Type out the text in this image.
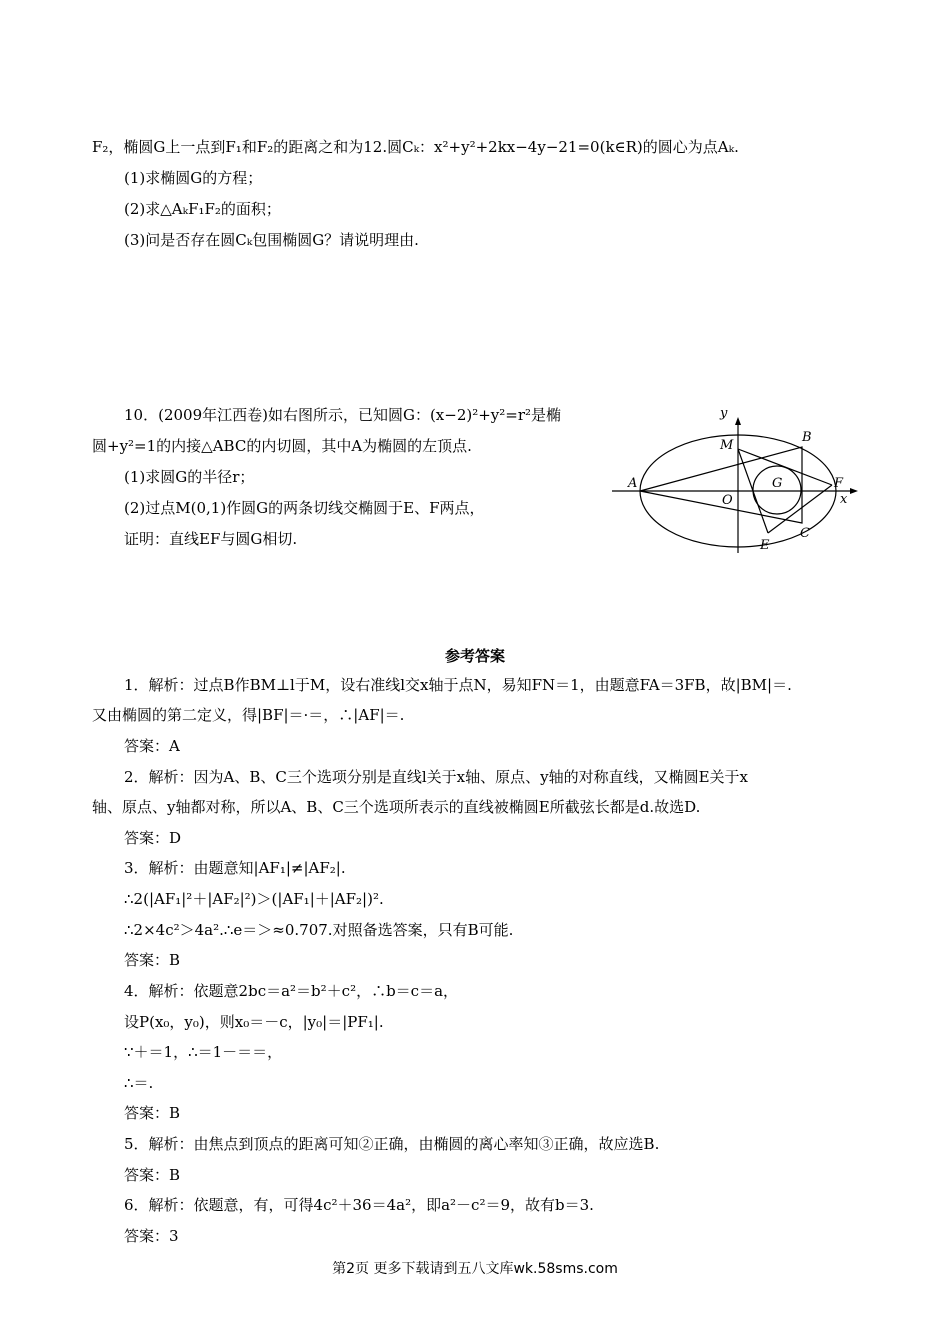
F₂，椭圆G上一点到F₁和F₂的距离之和为12.圆Cₖ：x²+y²+2kx−4y−21=0(k∈R)的圆心为点Aₖ.
(1)求椭圆G的方程；
(2)求△AₖF₁F₂的面积；
(3)问是否存在圆Cₖ包围椭圆G？请说明理由.
10．(2009年江西卷)如右图所示，已知圆G：(x−2)²+y²=r²是椭
圆+y²=1的内接△ABC的内切圆，其中A为椭圆的左顶点.
(1)求圆G的半径r；
(2)过点M(0,1)作圆G的两条切线交椭圆于E、F两点，
证明：直线EF与圆G相切.
y
M
B
A
O
G	F
x
C
E
参考答案
1．解析：过点B作BM⊥l于M，设右准线l交x轴于点N，易知FN＝1，由题意FA＝3FB，故|BM|＝.
又由椭圆的第二定义，得|BF|＝·＝，∴|AF|＝.
答案：A
2．解析：因为A、B、C三个选项分别是直线l关于x轴、原点、y轴的对称直线，又椭圆E关于x
轴、原点、y轴都对称，所以A、B、C三个选项所表示的直线被椭圆E所截弦长都是d.故选D.
答案：D
3．解析：由题意知|AF₁|≠|AF₂|.
∴2(|AF₁|²＋|AF₂|²)＞(|AF₁|＋|AF₂|)².
∴2×4c²＞4a².∴e＝＞≈0.707.对照备选答案，只有B可能.
答案：B
4．解析：依题意2bc＝a²＝b²＋c²，∴b＝c＝a，
设P(x₀，y₀)，则x₀＝－c，|y₀|＝|PF₁|.
∵＋＝1，∴＝1－＝＝，
∴＝.
答案：B
5．解析：由焦点到顶点的距离可知②正确，由椭圆的离心率知③正确，故应选B.
答案：B
6．解析：依题意，有，可得4c²＋36＝4a²，即a²－c²＝9，故有b＝3.
答案：3
第2页 更多下载请到五八文库wk.58sms.com
